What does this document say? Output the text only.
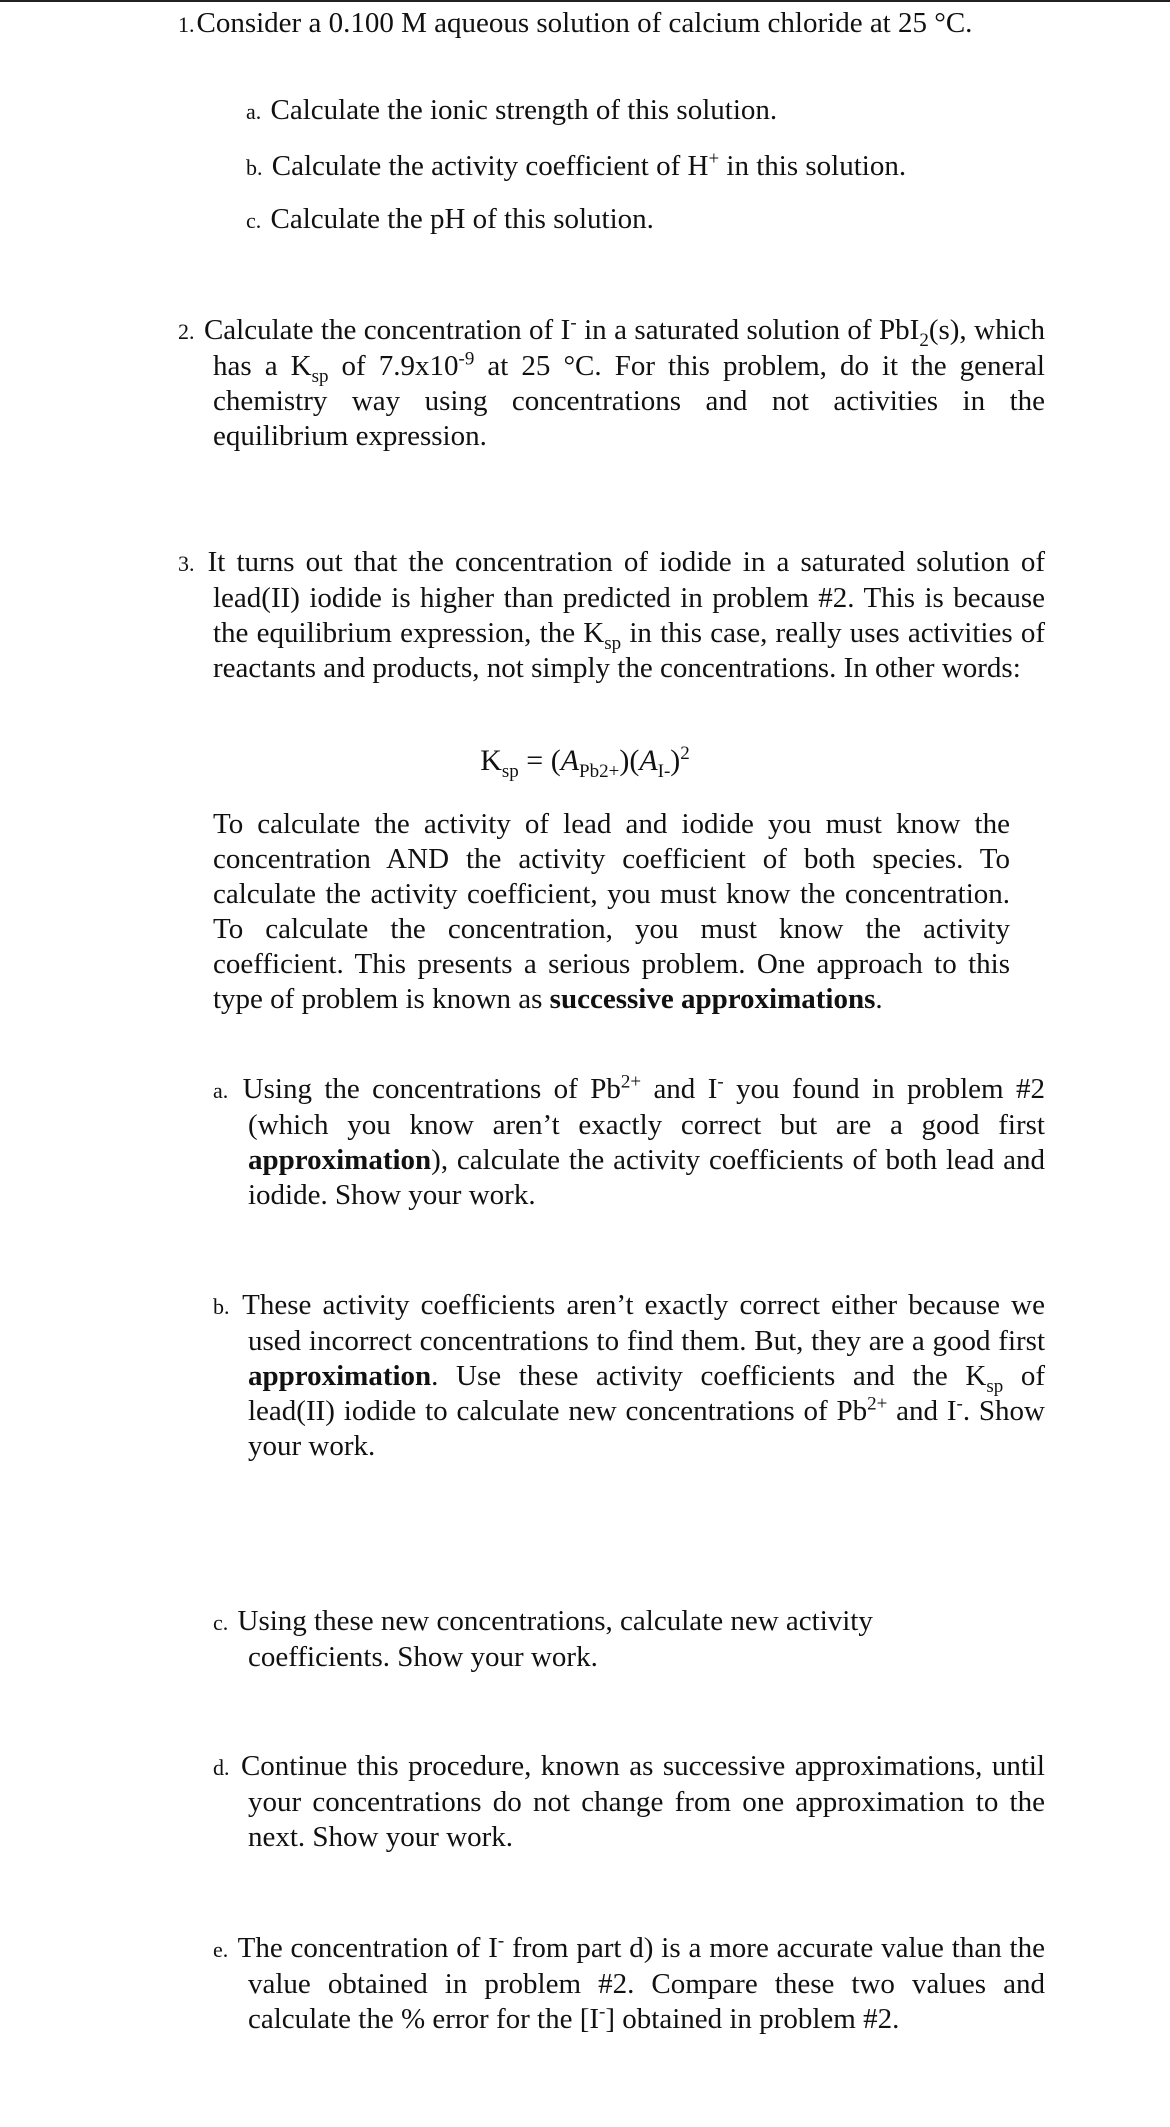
1.Consider a 0.100 M aqueous solution of calcium chloride at 25 °C.
a. Calculate the ionic strength of this solution.
b. Calculate the activity coefficient of H+ in this solution.
c. Calculate the pH of this solution.
2. Calculate the concentration of I- in a saturated solution of PbI$_2$(s), which has a $K_{sp}$ of $7.9x10^{-9}$ at 25 °C. For this problem, do it the general chemistry way using concentrations and not activities in the equilibrium expression.
3. It turns out that the concentration of iodide in a saturated solution of lead(II) iodide is higher than predicted in problem #2. This is because the equilibrium expression, the $K_{sp}$ in this case, really uses activities of reactants and products, not simply the concentrations. In other words:
$K_{sp} = (A_{Pb2+})(A_{I-})^2$
To calculate the activity of lead and iodide you must know the concentration AND the activity coefficient of both species. To calculate the activity coefficient, you must know the concentration. To calculate the concentration, you must know the activity coefficient. This presents a serious problem. One approach to this type of problem is known as successive approximations.
a. Using the concentrations of $Pb^{2+}$ and I- you found in problem #2 (which you know aren’t exactly correct but are a good first approximation), calculate the activity coefficients of both lead and iodide. Show your work.
b. These activity coefficients aren’t exactly correct either because we used incorrect concentrations to find them. But, they are a good first approximation. Use these activity coefficients and the $K_{sp}$ of lead(II) iodide to calculate new concentrations of $Pb^{2+}$ and I-. Show your work.
c. Using these new concentrations, calculate new activity coefficients. Show your work.
d. Continue this procedure, known as successive approximations, until your concentrations do not change from one approximation to the next. Show your work.
e. The concentration of I- from part d) is a more accurate value than the value obtained in problem #2. Compare these two values and calculate the % error for the [I-] obtained in problem #2.
